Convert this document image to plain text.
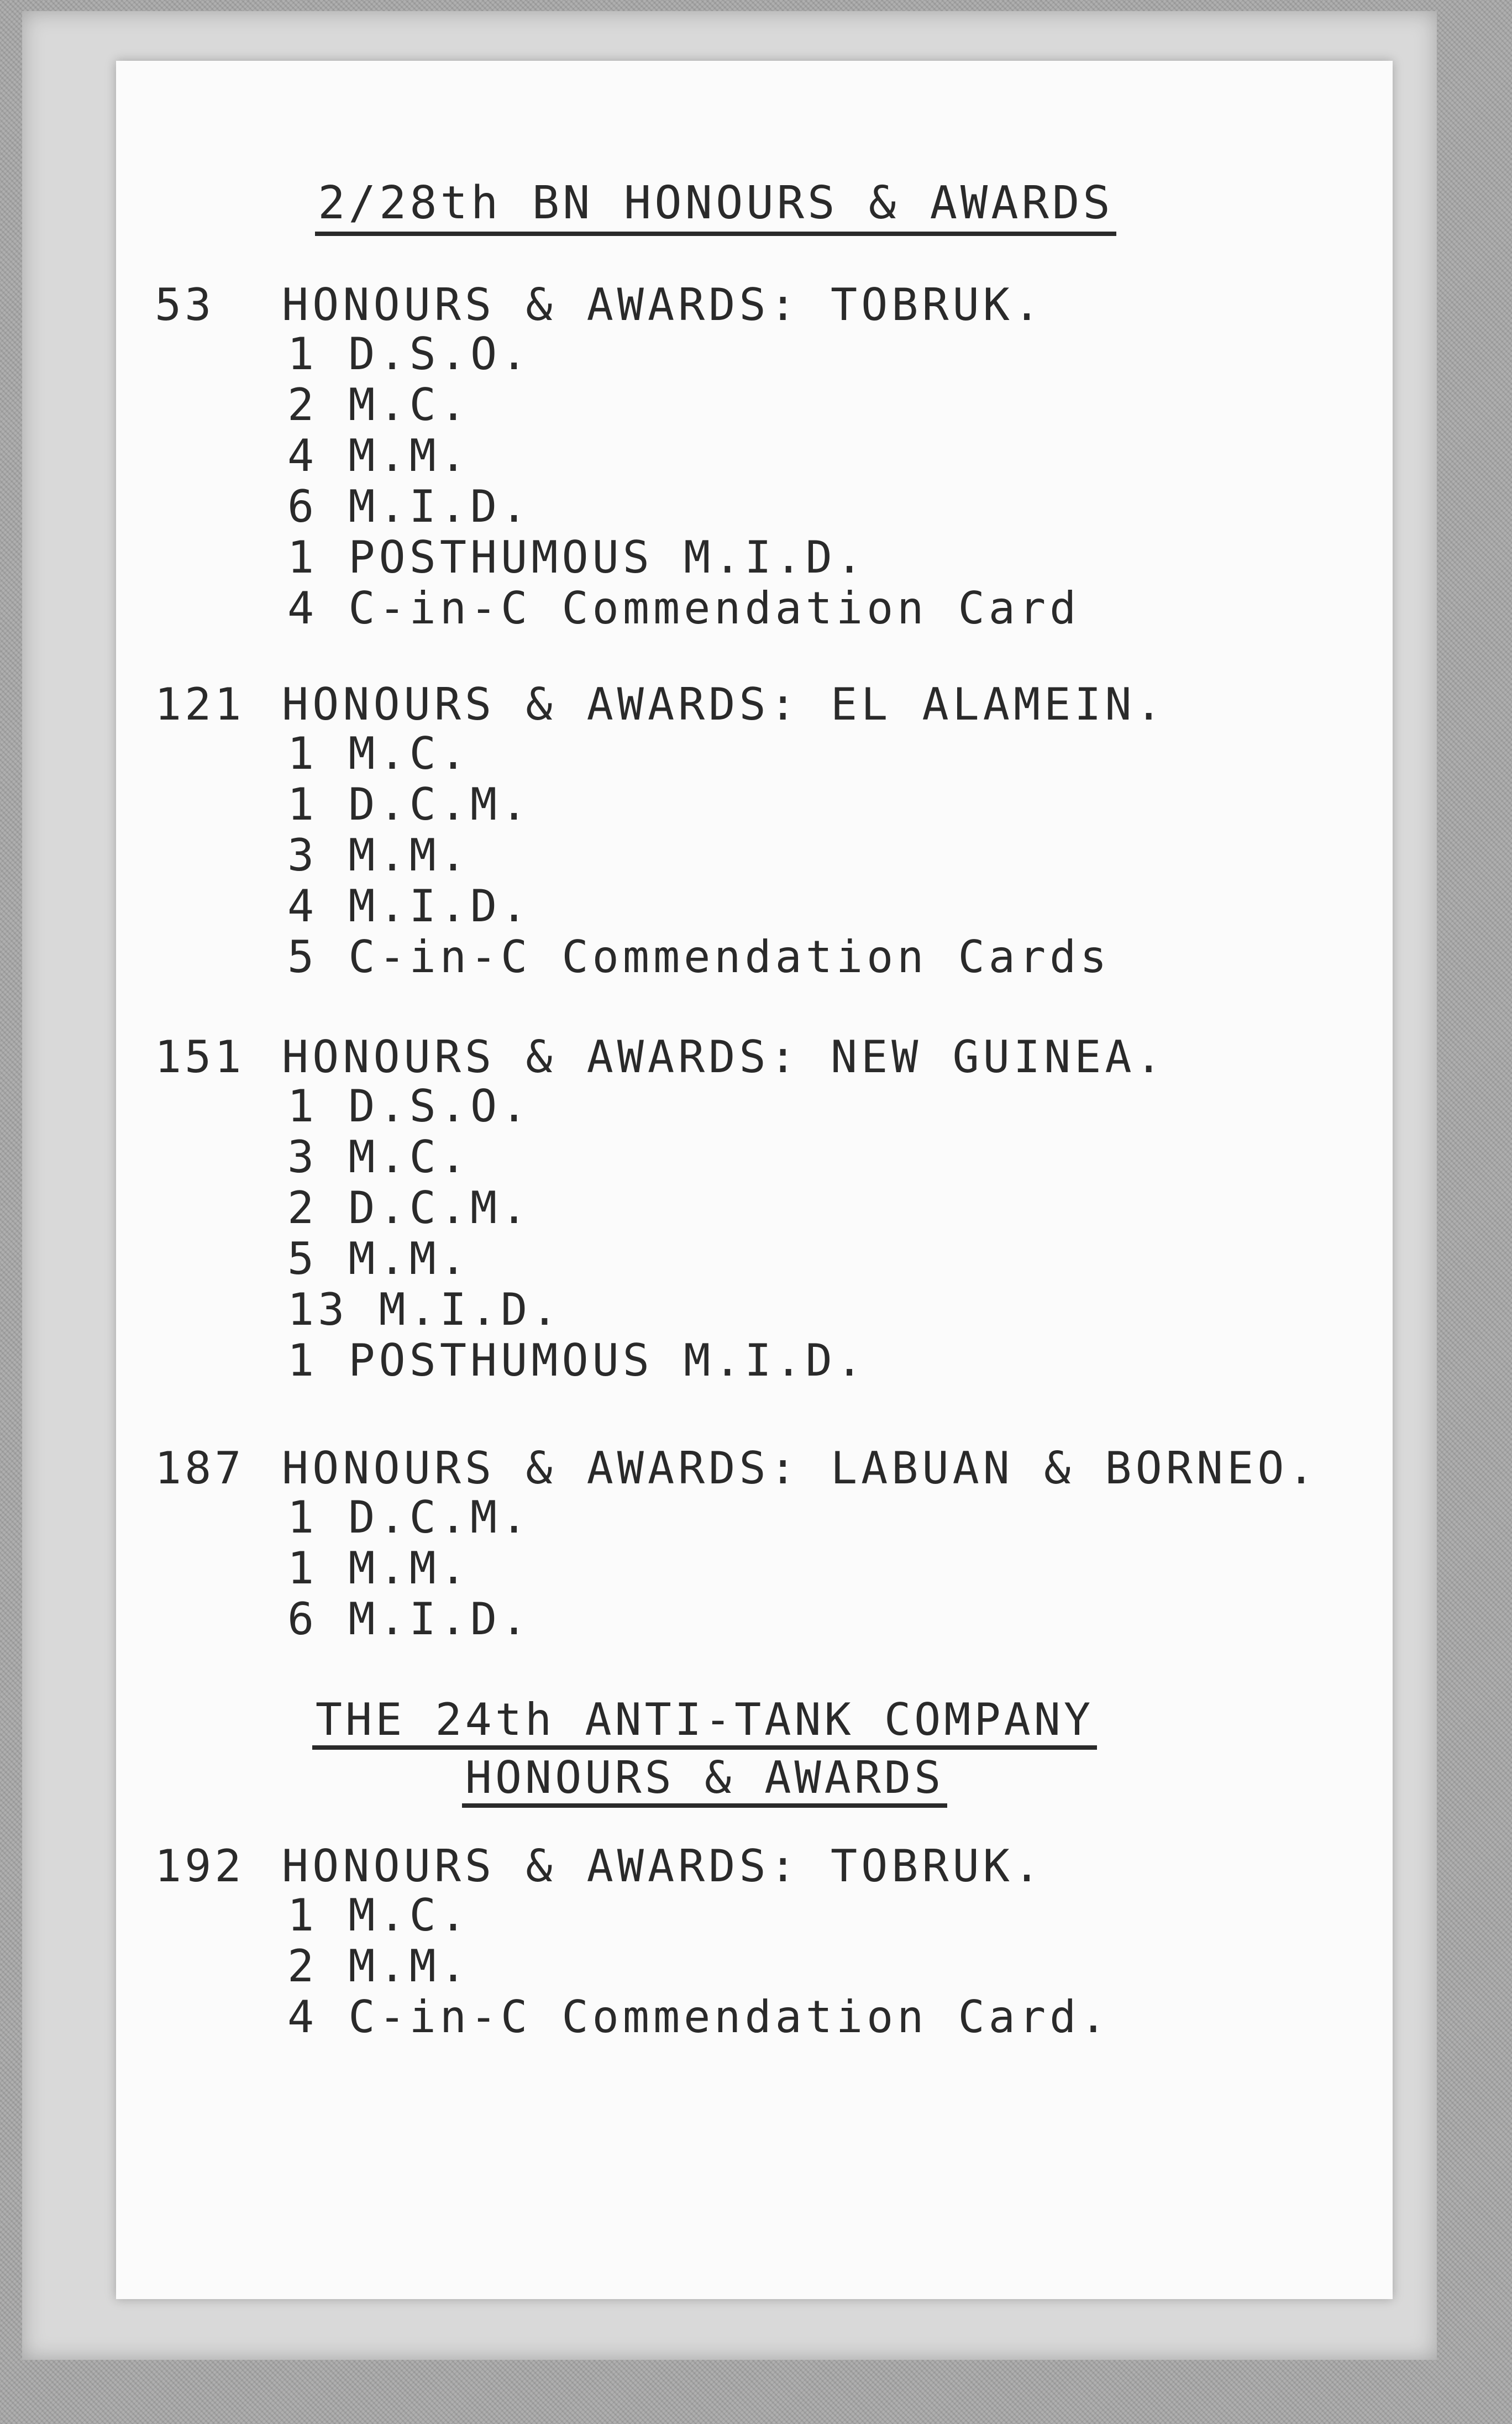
2/28th BN HONOURS & AWARDS
53 HONOURS & AWARDS: TOBRUK.
1 D.S.O.
2 M.C.
4 M.M.
6 M.I.D.
1 POSTHUMOUS M.I.D.
4 C-in-C Commendation Card
121 HONOURS & AWARDS: EL ALAMEIN.
1 M.C.
1 D.C.M.
3 M.M.
4 M.I.D.
5 C-in-C Commendation Cards
151 HONOURS & AWARDS: NEW GUINEA.
1 D.S.O.
3 M.C.
2 D.C.M.
5 M.M.
13 M.I.D.
1 POSTHUMOUS M.I.D.
187 HONOURS & AWARDS: LABUAN & BORNEO.
1 D.C.M.
1 M.M.
6 M.I.D.
THE 24th ANTI-TANK COMPANY
HONOURS & AWARDS
192 HONOURS & AWARDS: TOBRUK.
1 M.C.
2 M.M.
4 C-in-C Commendation Card.
